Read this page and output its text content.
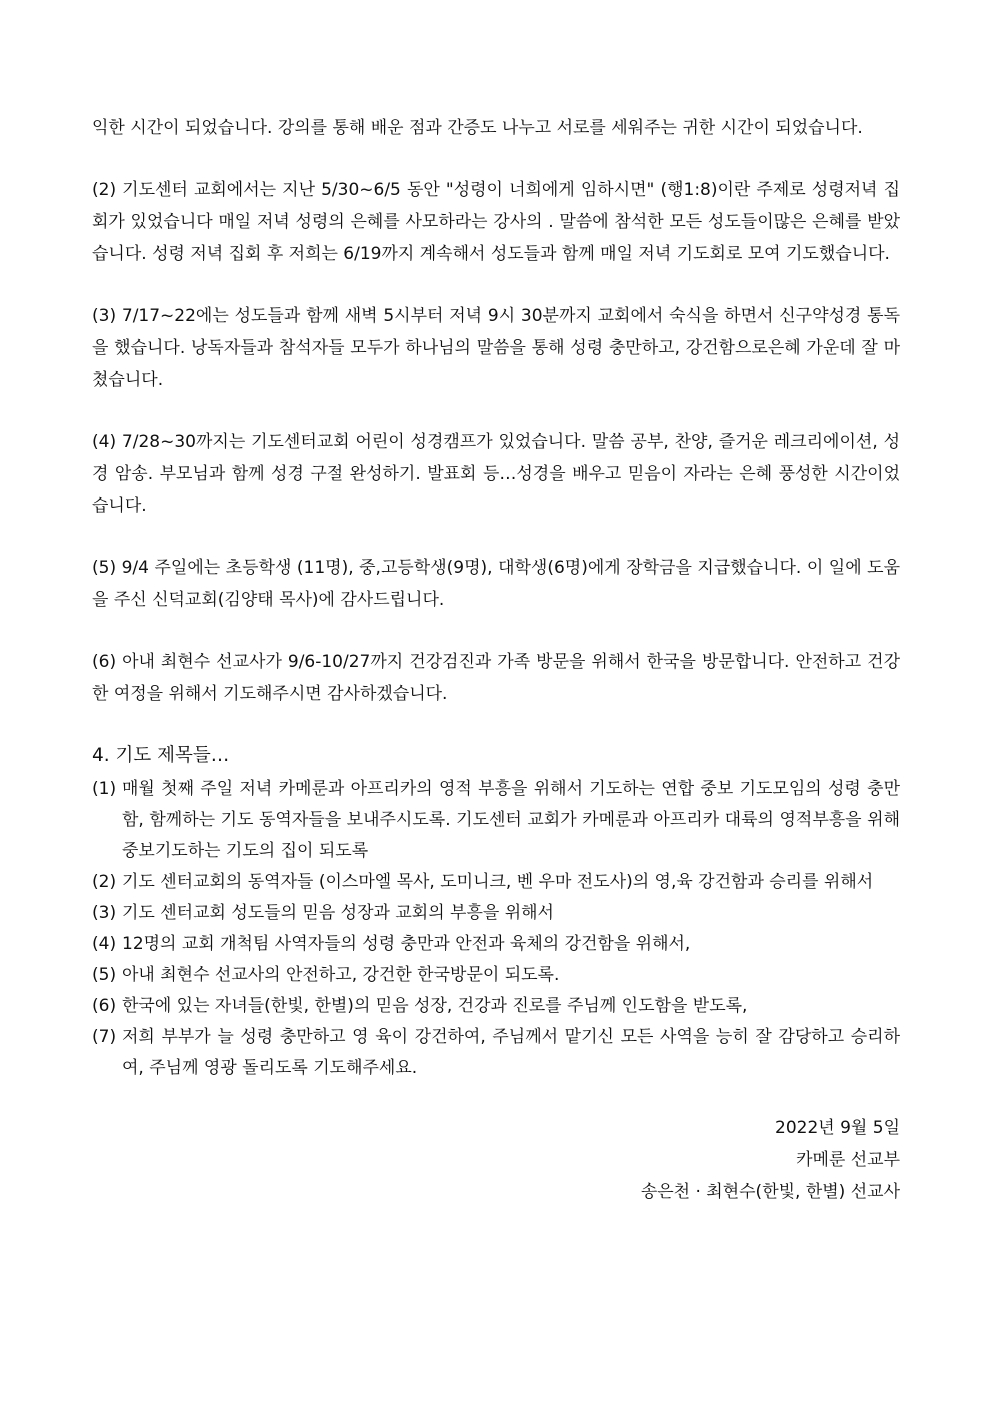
익한 시간이 되었습니다. 강의를 통해 배운 점과 간증도 나누고 서로를 세워주는 귀한 시간이 되었습니다.

(2) 기도센터 교회에서는 지난 5/30~6/5 동안 "성령이 너희에게 임하시면" (행1:8)이란 주제로 성령저녁 집회가 있었습니다 매일 저녁 성령의 은혜를 사모하라는 강사의 . 말씀에 참석한 모든 성도들이많은 은혜를 받았습니다. 성령 저녁 집회 후 저희는 6/19까지 계속해서 성도들과 함께 매일 저녁 기도회로 모여 기도했습니다.

(3) 7/17~22에는 성도들과 함께 새벽 5시부터 저녁 9시 30분까지 교회에서 숙식을 하면서 신구약성경 통독을 했습니다. 낭독자들과 참석자들 모두가 하나님의 말씀을 통해 성령 충만하고, 강건함으로은혜 가운데 잘 마쳤습니다.

(4) 7/28~30까지는 기도센터교회 어린이 성경캠프가 있었습니다. 말씀 공부, 찬양, 즐거운 레크리에이션, 성경 암송. 부모님과 함께 성경 구절 완성하기. 발표회 등…성경을 배우고 믿음이 자라는 은혜 풍성한 시간이었습니다.

(5) 9/4 주일에는 초등학생 (11명), 중,고등학생(9명), 대학생(6명)에게 장학금을 지급했습니다. 이 일에 도움을 주신 신덕교회(김양태 목사)에 감사드립니다.

(6) 아내 최현수 선교사가 9/6-10/27까지 건강검진과 가족 방문을 위해서 한국을 방문합니다. 안전하고 건강한 여정을 위해서 기도해주시면 감사하겠습니다.

4. 기도 제목들…
(1) 매월 첫째 주일 저녁 카메룬과 아프리카의 영적 부흥을 위해서 기도하는 연합 중보 기도모임의 성령 충만함, 함께하는 기도 동역자들을 보내주시도록. 기도센터 교회가 카메룬과 아프리카 대륙의 영적부흥을 위해 중보기도하는 기도의 집이 되도록
(2) 기도 센터교회의 동역자들 (이스마엘 목사, 도미니크, 벤 우마 전도사)의 영,육 강건함과 승리를 위해서
(3) 기도 센터교회 성도들의 믿음 성장과 교회의 부흥을 위해서
(4) 12명의 교회 개척팀 사역자들의 성령 충만과 안전과 육체의 강건함을 위해서,
(5) 아내 최현수 선교사의 안전하고, 강건한 한국방문이 되도록.
(6) 한국에 있는 자녀들(한빛, 한별)의 믿음 성장, 건강과 진로를 주님께 인도함을 받도록,
(7) 저희 부부가 늘 성령 충만하고 영 육이 강건하여, 주님께서 맡기신 모든 사역을 능히 잘 감당하고 승리하여, 주님께 영광 돌리도록 기도해주세요.
2022년 9월 5일
카메룬 선교부
송은천 · 최현수(한빛, 한별) 선교사
